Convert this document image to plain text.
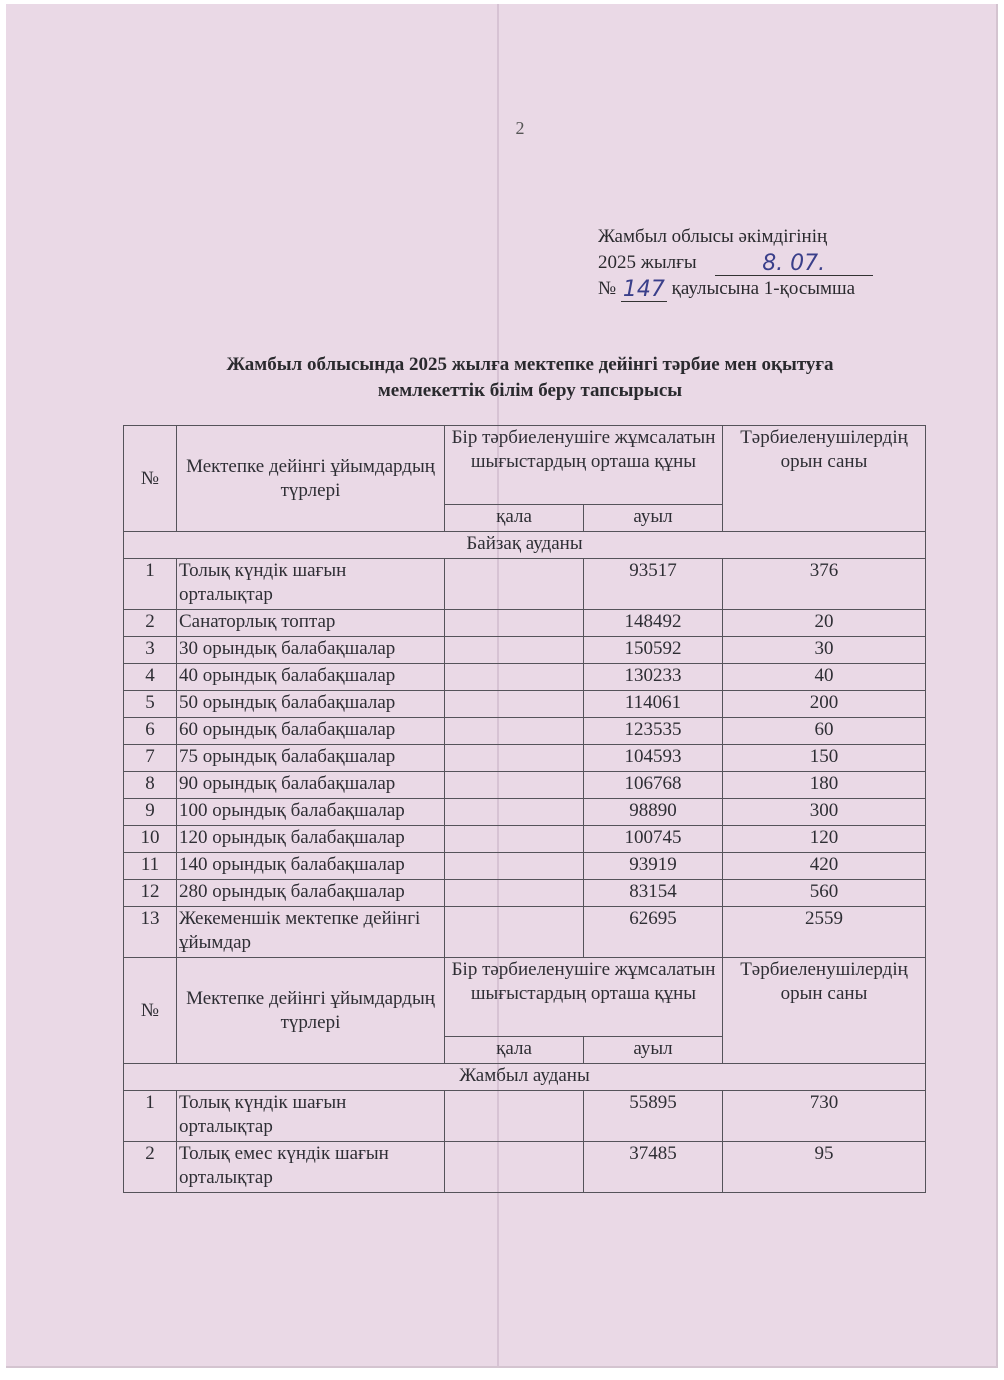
2
Жамбыл облысы әкімдігінің
2025 жылғы	8. 07.
№ 147 қаулысына 1-қосымша
Жамбыл облысында 2025 жылға мектепке дейінгі тәрбие мен оқытуға
мемлекеттік білім беру тапсырысы
№	Мектепке дейінгі ұйымдардың түрлері	Бір тәрбиеленушіге жұмсалатын шығыстардың орташа құны		Тәрбиеленушілердің орын саны
		қала	ауыл	
Байзақ ауданы				
1	Толық күндік шағын орталықтар		93517	376
2	Санаторлық топтар		148492	20
3	30 орындық балабақшалар		150592	30
4	40 орындық балабақшалар		130233	40
5	50 орындық балабақшалар		114061	200
6	60 орындық балабақшалар		123535	60
7	75 орындық балабақшалар		104593	150
8	90 орындық балабақшалар		106768	180
9	100 орындық балабақшалар		98890	300
10	120 орындық балабақшалар		100745	120
11	140 орындық балабақшалар		93919	420
12	280 орындық балабақшалар		83154	560
13	Жекеменшік мектепке дейінгі ұйымдар		62695	2559
№	Мектепке дейінгі ұйымдардың түрлері	Бір тәрбиеленушіге жұмсалатын шығыстардың орташа құны		Тәрбиеленушілердің орын саны
		қала	ауыл	
Жамбыл ауданы				
1	Толық күндік шағын орталықтар		55895	730
2	Толық емес күндік шағын орталықтар		37485	95
